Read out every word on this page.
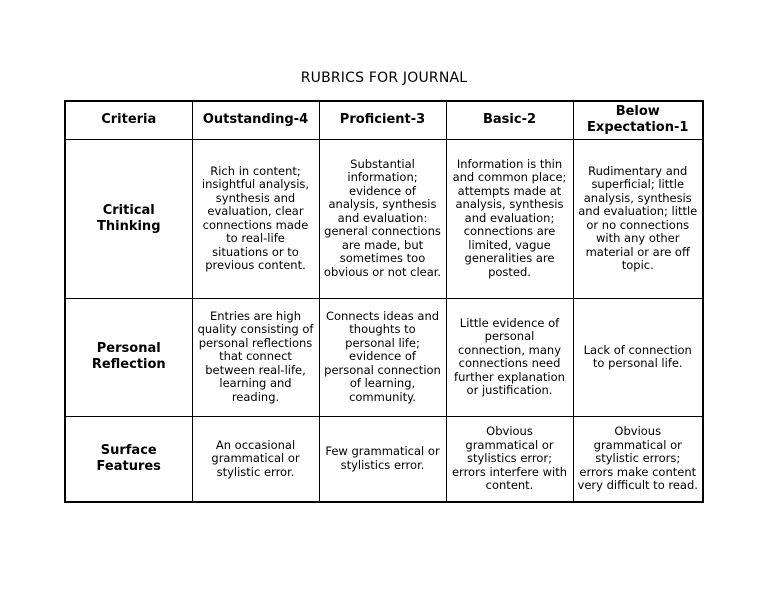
RUBRICS FOR JOURNAL
Criteria	Outstanding-4	Proficient-3	Basic-2	Below Expectation-1
Critical Thinking	Rich in content; insightful analysis, synthesis and evaluation, clear connections made to real-life situations or to previous content.	Substantial information; evidence of analysis, synthesis and evaluation: general connections are made, but sometimes too obvious or not clear.	Information is thin and common place; attempts made at analysis, synthesis and evaluation; connections are limited, vague generalities are posted.	Rudimentary and superficial; little analysis, synthesis and evaluation; little or no connections with any other material or are off topic.
Personal Reflection	Entries are high quality consisting of personal reflections that connect between real-life, learning and reading.	Connects ideas and thoughts to personal life; evidence of personal connection of learning, community.	Little evidence of personal connection, many connections need further explanation or justification.	Lack of connection to personal life.
Surface Features	An occasional grammatical or stylistic error.	Few grammatical or stylistics error.	Obvious grammatical or stylistics error; errors interfere with content.	Obvious grammatical or stylistic errors; errors make content very difficult to read.
